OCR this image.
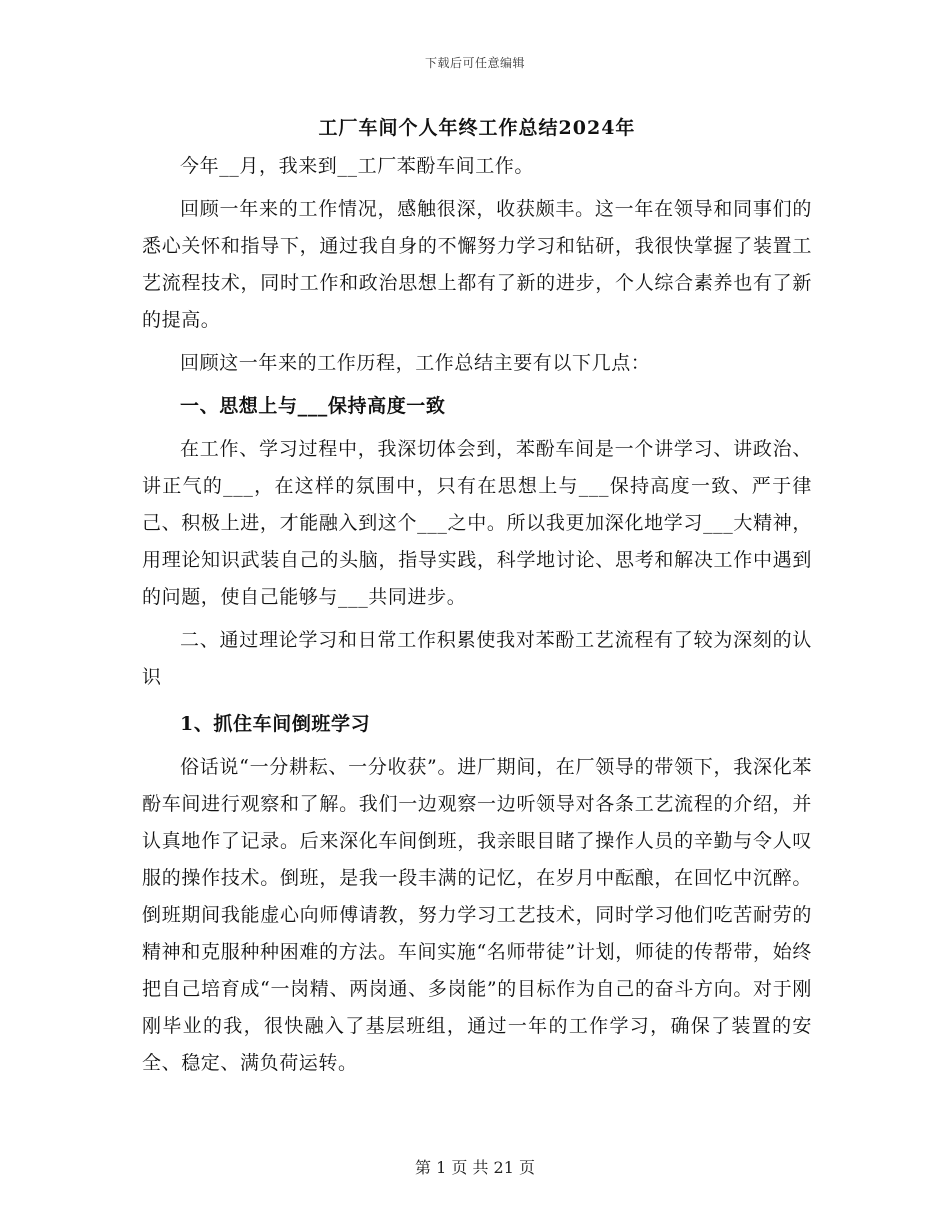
下载后可任意编辑
工厂车间个人年终工作总结2024年

今年__月，我来到__工厂苯酚车间工作。

回顾一年来的工作情况，感触很深，收获颇丰。这一年在领导和同事们的悉心关怀和指导下，通过我自身的不懈努力学习和钻研，我很快掌握了装置工艺流程技术，同时工作和政治思想上都有了新的进步，个人综合素养也有了新的提高。

回顾这一年来的工作历程，工作总结主要有以下几点：

一、思想上与___保持高度一致

在工作、学习过程中，我深切体会到，苯酚车间是一个讲学习、讲政治、讲正气的___，在这样的氛围中，只有在思想上与___保持高度一致、严于律己、积极上进，才能融入到这个___之中。所以我更加深化地学习___大精神，用理论知识武装自己的头脑，指导实践，科学地讨论、思考和解决工作中遇到的问题，使自己能够与___共同进步。

二、通过理论学习和日常工作积累使我对苯酚工艺流程有了较为深刻的认识

1、抓住车间倒班学习

俗话说“一分耕耘、一分收获”。进厂期间，在厂领导的带领下，我深化苯酚车间进行观察和了解。我们一边观察一边听领导对各条工艺流程的介绍，并认真地作了记录。后来深化车间倒班，我亲眼目睹了操作人员的辛勤与令人叹服的操作技术。倒班，是我一段丰满的记忆，在岁月中酝酿，在回忆中沉醉。倒班期间我能虚心向师傅请教，努力学习工艺技术，同时学习他们吃苦耐劳的精神和克服种种困难的方法。车间实施“名师带徒”计划，师徒的传帮带，始终把自己培育成“一岗精、两岗通、多岗能”的目标作为自己的奋斗方向。对于刚刚毕业的我，很快融入了基层班组，通过一年的工作学习，确保了装置的安全、稳定、满负荷运转。

第 1 页 共 21 页
